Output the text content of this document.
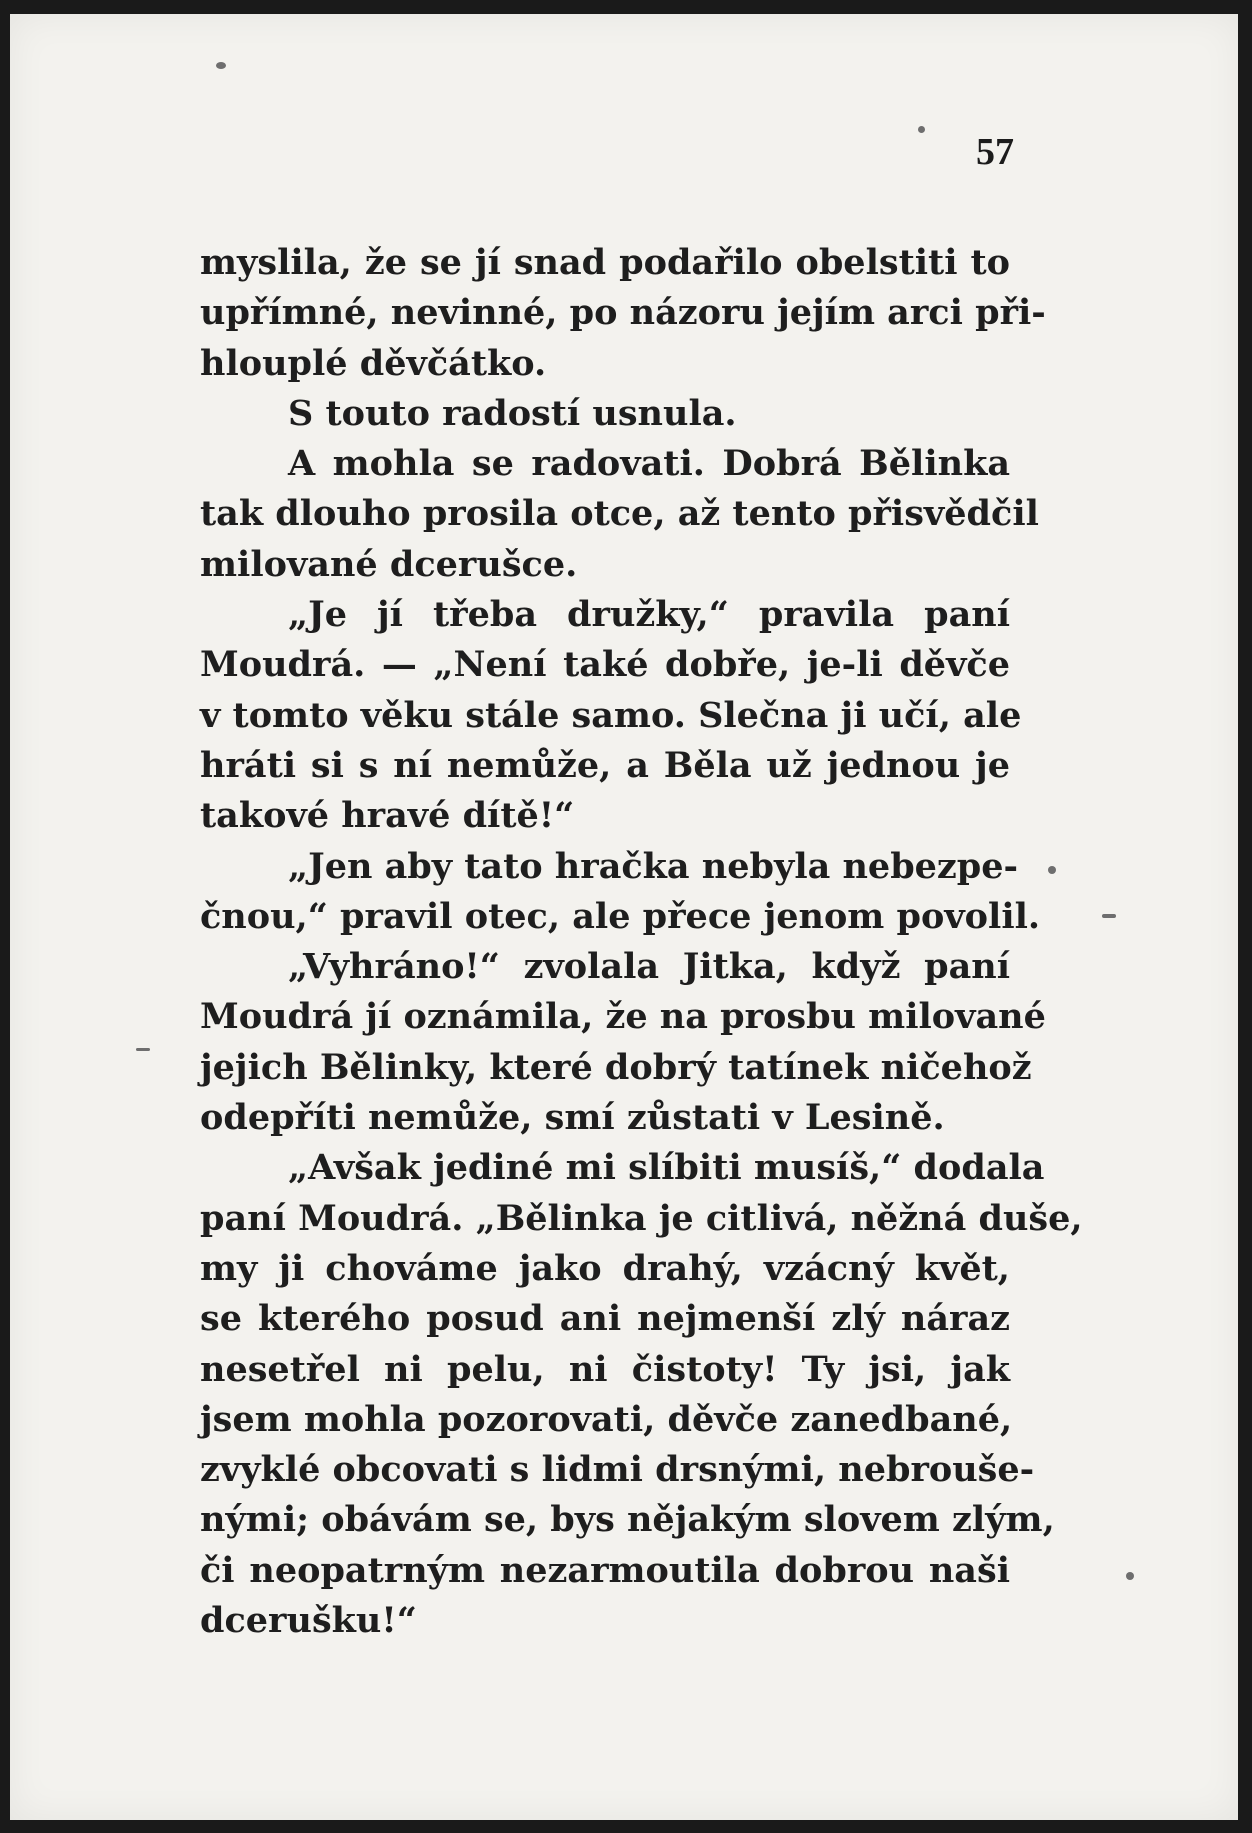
57
myslila, že se jí snad podařilo obelstiti to
upřímné, nevinné, po názoru jejím arci při-
hlouplé děvčátko.
S touto radostí usnula.
A mohla se radovati. Dobrá Bělinka
tak dlouho prosila otce, až tento přisvědčil
milované dcerušce.
„Je jí třeba družky,“ pravila paní
Moudrá. — „Není také dobře, je-li děvče
v tomto věku stále samo. Slečna ji učí, ale
hráti si s ní nemůže, a Běla už jednou je
takové hravé dítě!“
„Jen aby tato hračka nebyla nebezpe-
čnou,“ pravil otec, ale přece jenom povolil.
„Vyhráno!“ zvolala Jitka, když paní
Moudrá jí oznámila, že na prosbu milované
jejich Bělinky, které dobrý tatínek ničehož
odepříti nemůže, smí zůstati v Lesině.
„Avšak jediné mi slíbiti musíš,“ dodala
paní Moudrá. „Bělinka je citlivá, něžná duše,
my ji chováme jako drahý, vzácný květ,
se kterého posud ani nejmenší zlý náraz
nesetřel ni pelu, ni čistoty! Ty jsi, jak
jsem mohla pozorovati, děvče zanedbané,
zvyklé obcovati s lidmi drsnými, nebrouše-
nými; obávám se, bys nějakým slovem zlým,
či neopatrným nezarmoutila dobrou naši
dcerušku!“
